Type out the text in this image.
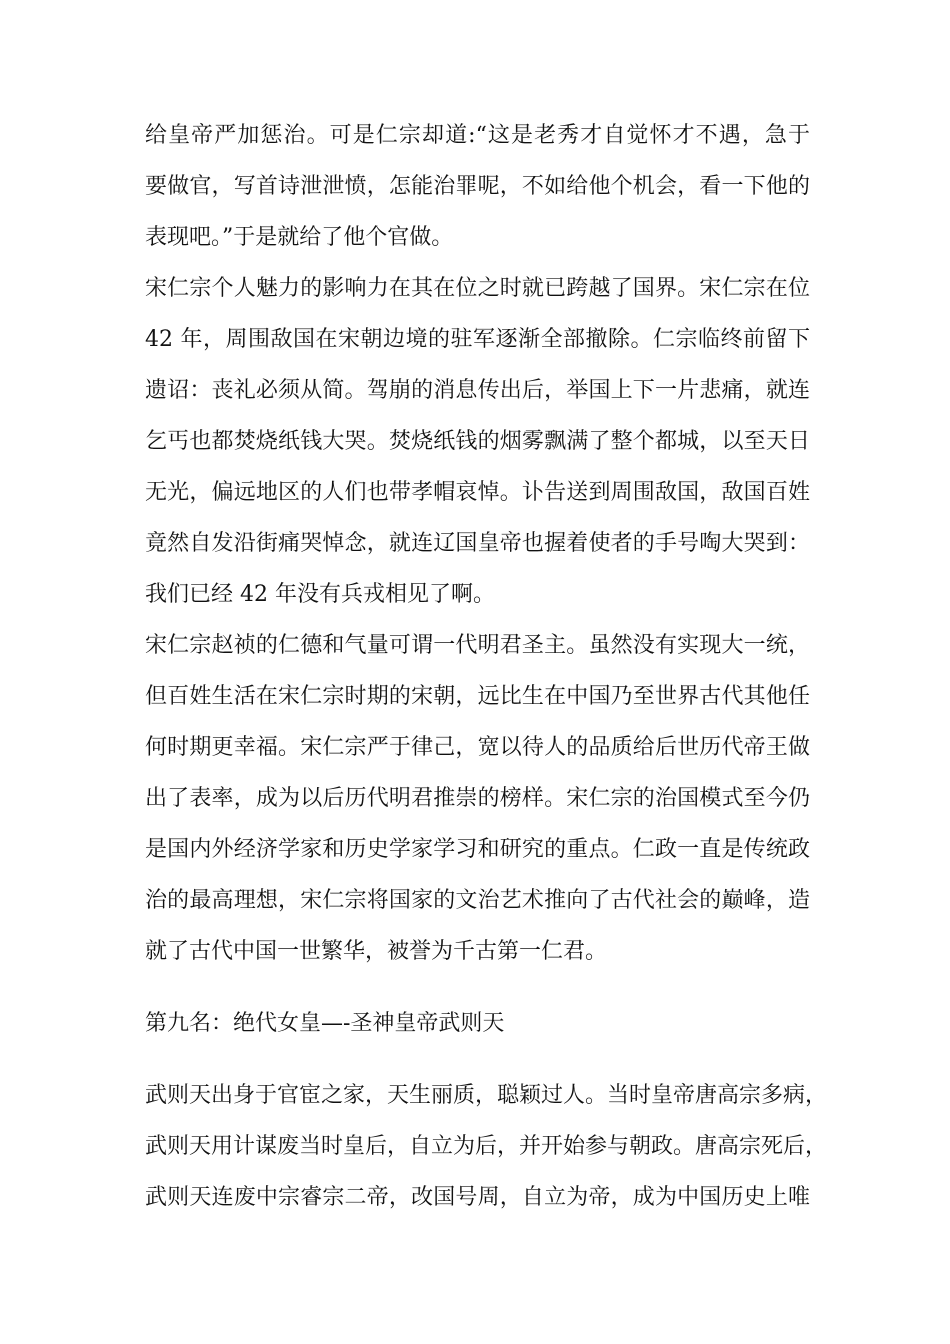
给皇帝严加惩治。可是仁宗却道:“这是老秀才自觉怀才不遇，急于
要做官，写首诗泄泄愤，怎能治罪呢，不如给他个机会，看一下他的
表现吧。”于是就给了他个官做。
宋仁宗个人魅力的影响力在其在位之时就已跨越了国界。宋仁宗在位
42 年，周围敌国在宋朝边境的驻军逐渐全部撤除。仁宗临终前留下
遗诏：丧礼必须从简。驾崩的消息传出后，举国上下一片悲痛，就连
乞丐也都焚烧纸钱大哭。焚烧纸钱的烟雾飘满了整个都城，以至天日
无光，偏远地区的人们也带孝帽哀悼。讣告送到周围敌国，敌国百姓
竟然自发沿街痛哭悼念，就连辽国皇帝也握着使者的手号啕大哭到：
我们已经 42 年没有兵戎相见了啊。
宋仁宗赵祯的仁德和气量可谓一代明君圣主。虽然没有实现大一统，
但百姓生活在宋仁宗时期的宋朝，远比生在中国乃至世界古代其他任
何时期更幸福。宋仁宗严于律己，宽以待人的品质给后世历代帝王做
出了表率，成为以后历代明君推崇的榜样。宋仁宗的治国模式至今仍
是国内外经济学家和历史学家学习和研究的重点。仁政一直是传统政
治的最高理想，宋仁宗将国家的文治艺术推向了古代社会的巅峰，造
就了古代中国一世繁华，被誉为千古第一仁君。
第九名：绝代女皇—-圣神皇帝武则天
武则天出身于官宦之家，天生丽质，聪颖过人。当时皇帝唐高宗多病，
武则天用计谋废当时皇后，自立为后，并开始参与朝政。唐高宗死后，
武则天连废中宗睿宗二帝，改国号周，自立为帝，成为中国历史上唯
